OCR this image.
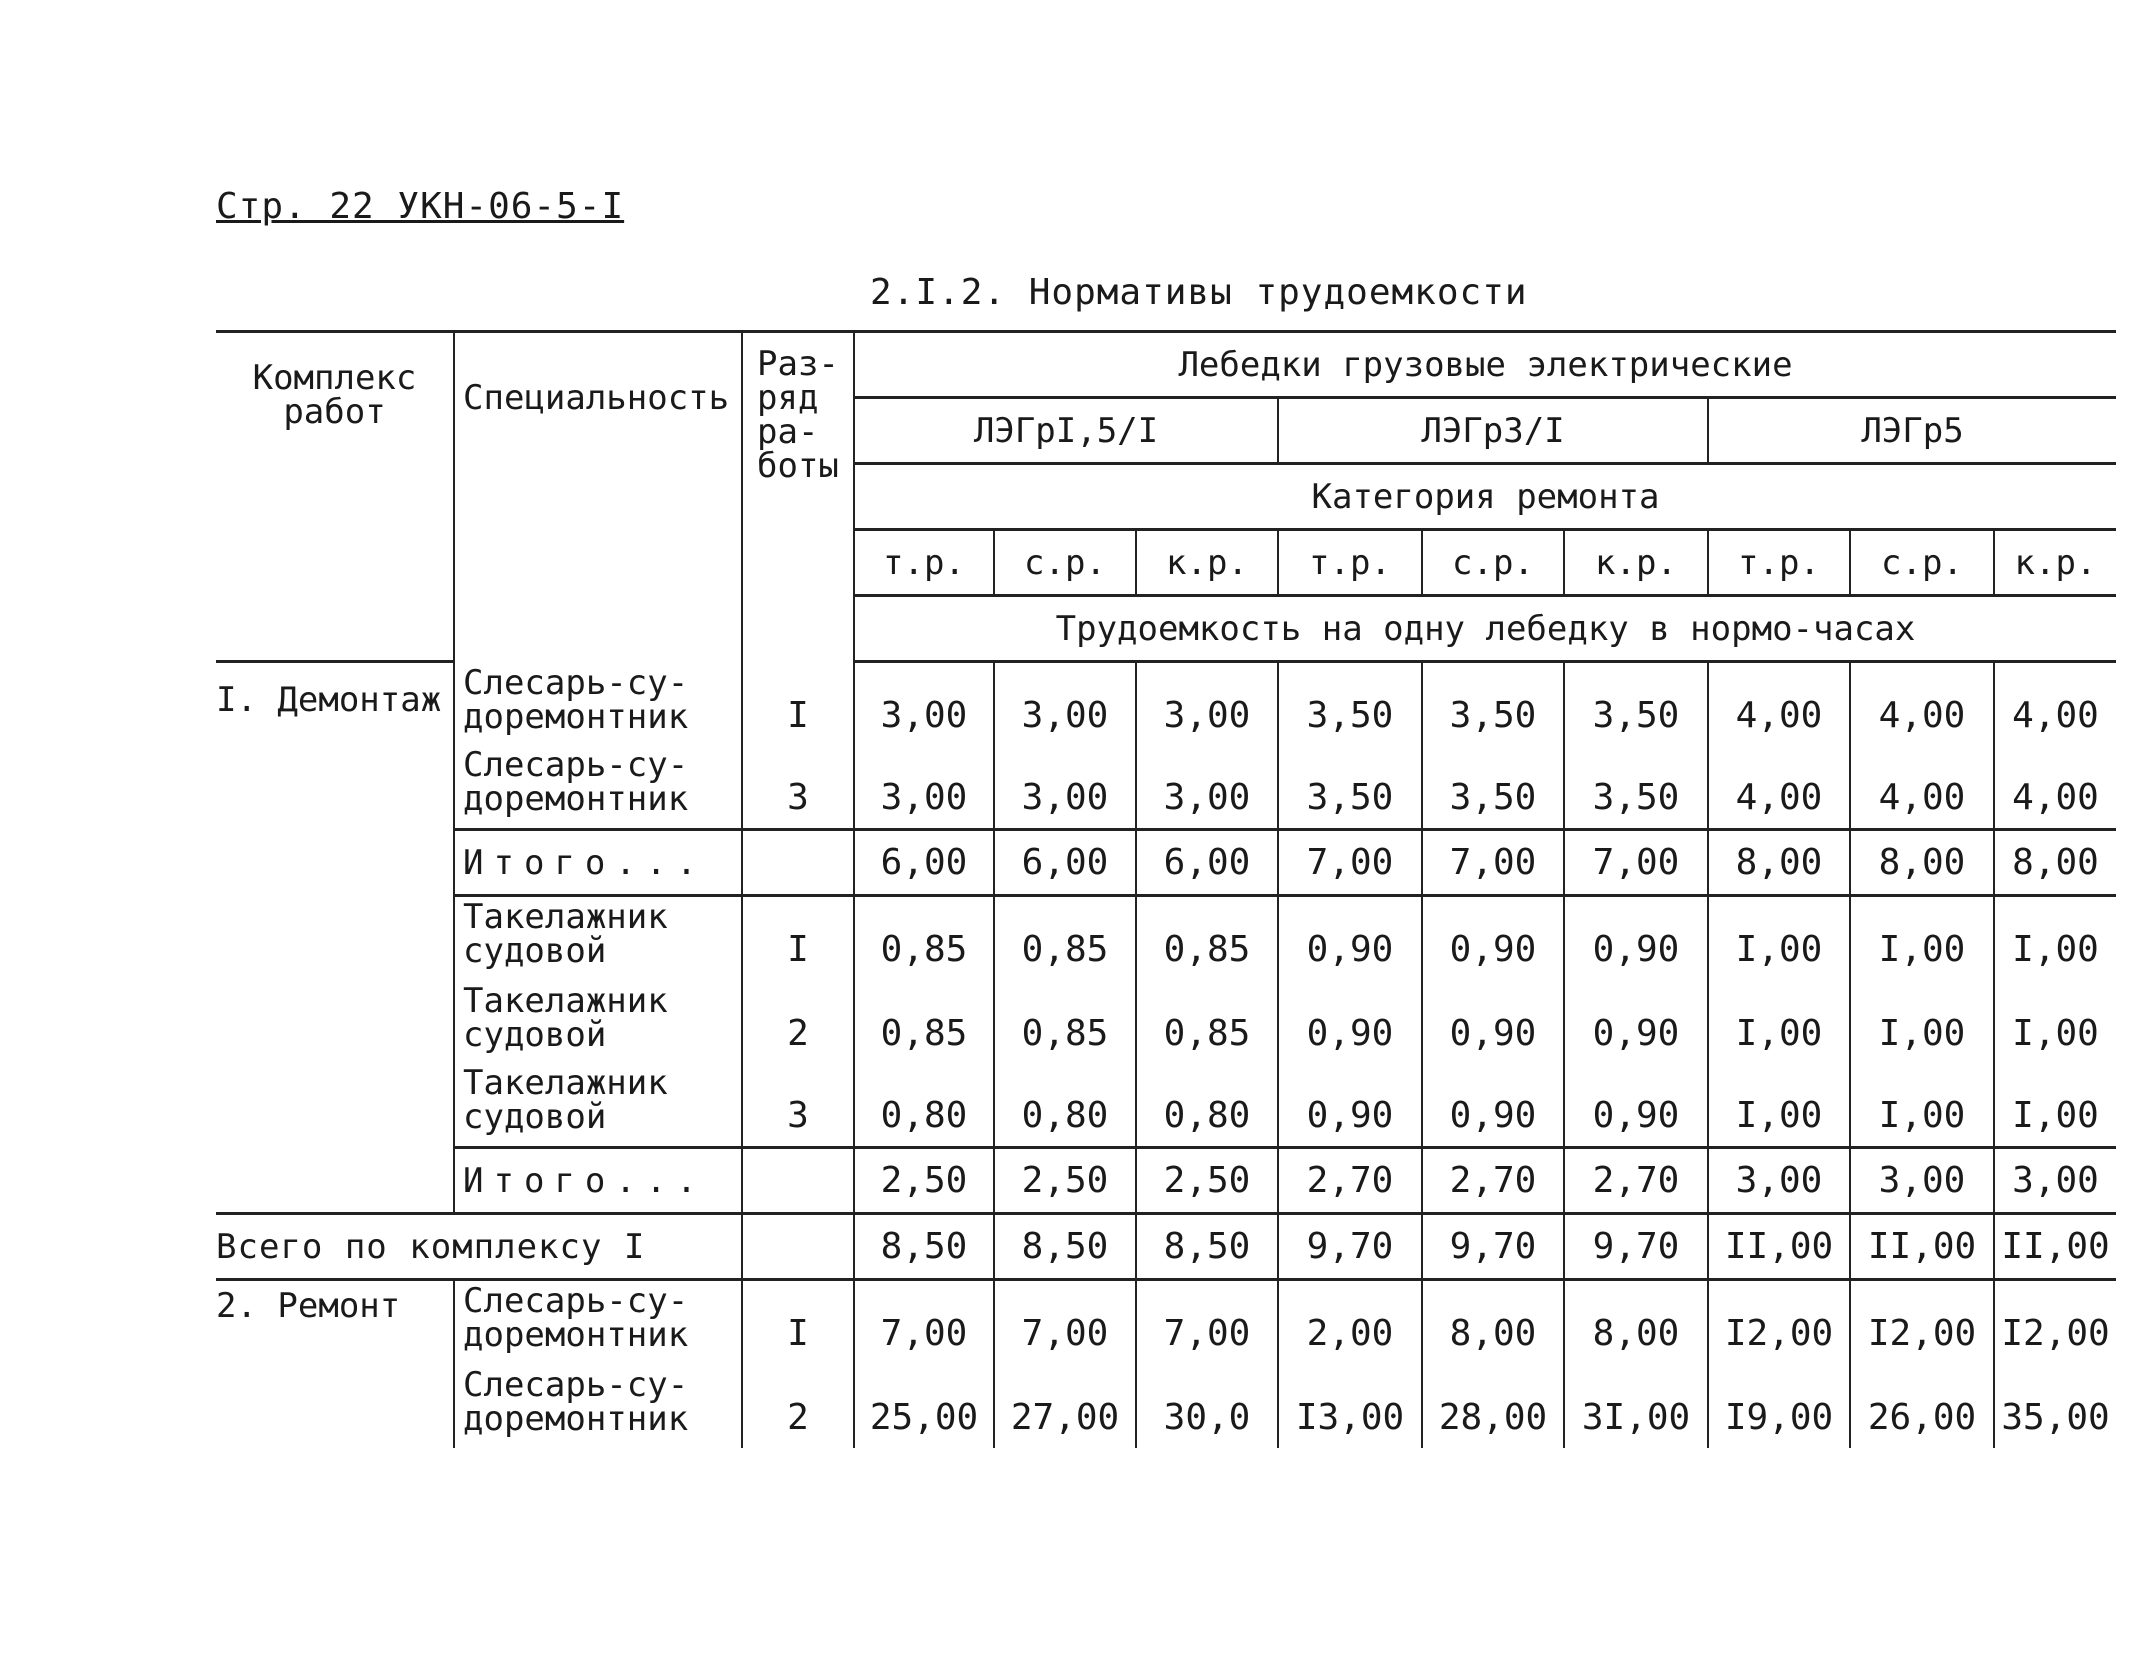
Стр. 22 УКН-06-5-I
2.I.2. Нормативы трудоемкости
Комплекс
работ	Специальность	Раз-
ряд
ра-
боты	Лебедки грузовые электрические								
			ЛЭГрI,5/I			ЛЭГр3/I			ЛЭГр5		
			Категория ремонта								
			т.р.	с.р.	к.р.	т.р.	с.р.	к.р.	т.р.	с.р.	к.р.
			Трудоемкость на одну лебедку в нормо-часах								
I. Демонтаж	Слесарь-су-
доремонтник	I	3,00	3,00	3,00	3,50	3,50	3,50	4,00	4,00	4,00

	Слесарь-су-
доремонтник	3	3,00	3,00	3,00	3,50	3,50	3,50	4,00	4,00	4,00
	Итого...		6,00	6,00	6,00	7,00	7,00	7,00	8,00	8,00	8,00

	Такелажник
судовой	I	0,85	0,85	0,85	0,90	0,90	0,90	I,00	I,00	I,00

	Такелажник
судовой	2	0,85	0,85	0,85	0,90	0,90	0,90	I,00	I,00	I,00

	Такелажник
судовой	3	0,80	0,80	0,80	0,90	0,90	0,90	I,00	I,00	I,00
	Итого...		2,50	2,50	2,50	2,70	2,70	2,70	3,00	3,00	3,00
Всего по комплексу I			8,50	8,50	8,50	9,70	9,70	9,70	II,00	II,00	II,00
2. Ремонт	Слесарь-су-
доремонтник	I	7,00	7,00	7,00	2,00	8,00	8,00	I2,00	I2,00	I2,00

	Слесарь-су-
доремонтник	2	25,00	27,00	30,0	I3,00	28,00	3I,00	I9,00	26,00	35,00
